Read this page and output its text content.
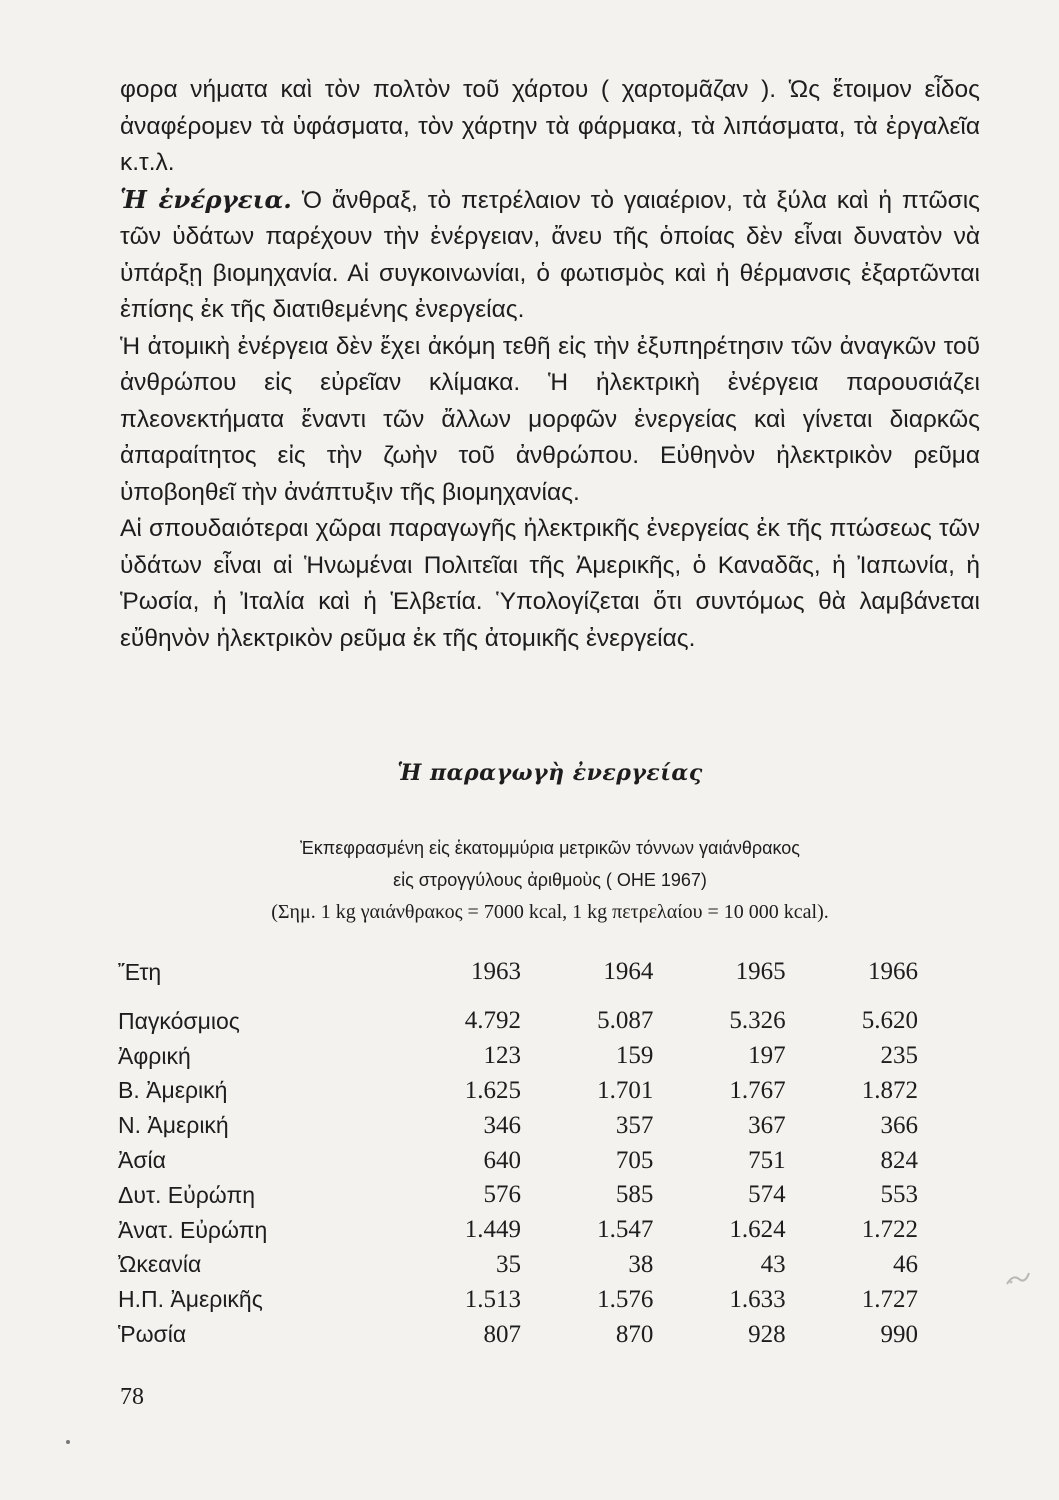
φορα νήματα καὶ τὸν πολτὸν τοῦ χάρτου ( χαρτομᾶζαν ). Ὡς ἕτοιμον εἶδος ἀναφέρομεν τὰ ὑφάσματα, τὸν χάρτην τὰ φάρμακα, τὰ λιπάσματα, τὰ ἐργαλεῖα κ.τ.λ.

Ἡ ἐνέργεια. Ὁ ἄνθραξ, τὸ πετρέλαιον τὸ γαιαέριον, τὰ ξύλα καὶ ἡ πτῶσις τῶν ὑδάτων παρέχουν τὴν ἐνέργειαν, ἄνευ τῆς ὁποίας δὲν εἶναι δυνατὸν νὰ ὑπάρξῃ βιομηχανία. Αἱ συγκοινωνίαι, ὁ φωτισμὸς καὶ ἡ θέρμανσις ἐξαρτῶνται ἐπίσης ἐκ τῆς διατιθεμένης ἐνεργείας.

Ἡ ἀτομικὴ ἐνέργεια δὲν ἔχει ἀκόμη τεθῆ εἰς τὴν ἐξυπηρέτησιν τῶν ἀναγκῶν τοῦ ἀνθρώπου εἰς εὐρεῖαν κλίμακα. Ἡ ἠλεκτρικὴ ἐνέργεια παρουσιάζει πλεονεκτήματα ἔναντι τῶν ἄλλων μορφῶν ἐνεργείας καὶ γίνεται διαρκῶς ἀπαραίτητος εἰς τὴν ζωὴν τοῦ ἀνθρώπου. Εὐθηνὸν ἠλεκτρικὸν ρεῦμα ὑποβοηθεῖ τὴν ἀνάπτυξιν τῆς βιομηχανίας.

Αἱ σπουδαιότεραι χῶραι παραγωγῆς ἠλεκτρικῆς ἐνεργείας ἐκ τῆς πτώσεως τῶν ὑδάτων εἶναι αἱ Ἡνωμέναι Πολιτεῖαι τῆς Ἀμερικῆς, ὁ Καναδᾶς, ἡ Ἰαπωνία, ἡ Ῥωσία, ἡ Ἰταλία καὶ ἡ Ἑλβετία. Ὑπολογίζεται ὅτι συντόμως θὰ λαμβάνεται εὔθηνὸν ἠλεκτρικὸν ρεῦμα ἐκ τῆς ἀτομικῆς ἐνεργείας.

Ἡ παραγωγὴ ἐνεργείας
Ἐκπεφρασμένη εἰς ἑκατομμύρια μετρικῶν τόννων γαιάνθρακος
εἰς στρογγύλους ἀριθμοὺς ( ΟΗΕ 1967)
(Σημ. 1 kg γαιάνθρακος = 7000 kcal, 1 kg πετρελαίου = 10 000 kcal).
Ἔτη	1963	1964	1965	1966

Παγκόσμιος	4.792	5.087	5.326	5.620
Ἀφρική	123	159	197	235
Β. Ἀμερική	1.625	1.701	1.767	1.872
Ν. Ἀμερική	346	357	367	366
Ἀσία	640	705	751	824
Δυτ. Εὐρώπη	576	585	574	553
Ἀνατ. Εὐρώπη	1.449	1.547	1.624	1.722
Ὠκεανία	35	38	43	46
Η.Π. Ἀμερικῆς	1.513	1.576	1.633	1.727
Ῥωσία	807	870	928	990
78
